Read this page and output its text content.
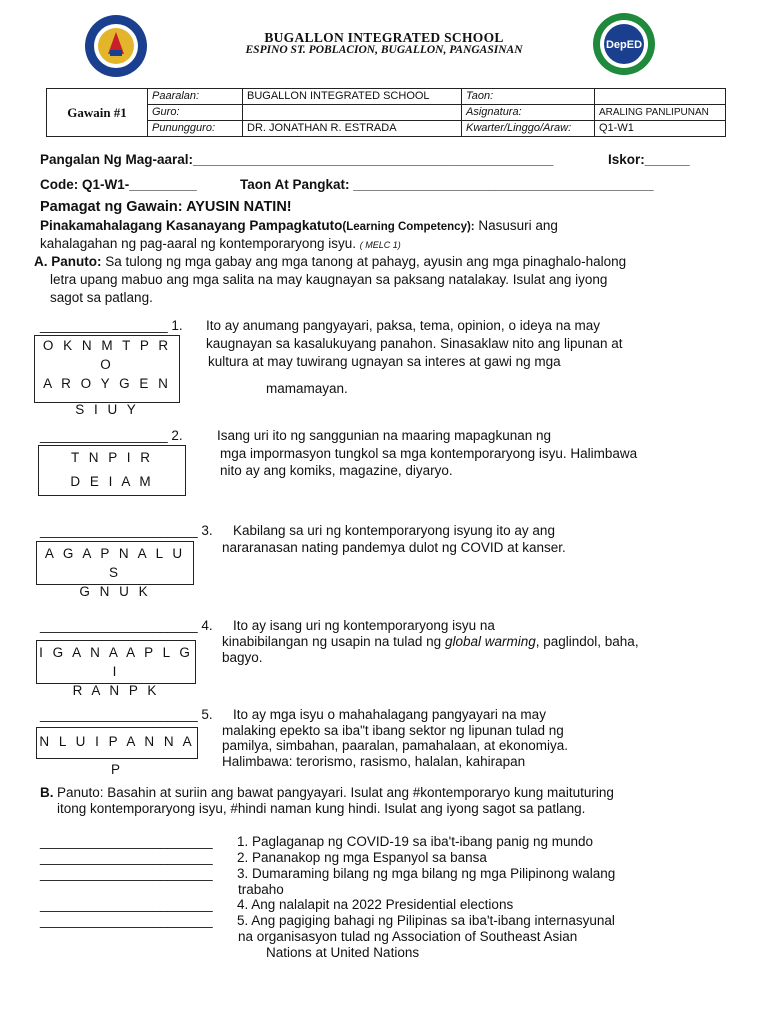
DepED
BUGALLON INTEGRATED SCHOOL
ESPINO ST. POBLACION, BUGALLON, PANGASINAN
Gawain #1	Paaralan:	BUGALLON INTEGRATED SCHOOL	Taon:	
	Guro:		Asignatura:	ARALING PANLIPUNAN
	Punungguro:	DR. JONATHAN R. ESTRADA	Kwarter/Linggo/Araw:	Q1-W1
Pangalan Ng Mag-aaral:________________________________________________	Iskor:______
Code: Q1-W1-_________	Taon At Pangkat: ________________________________________
Pamagat ng Gawain: AYUSIN NATIN!
Pinakamahalagang Kasanayang Pampagkatuto(Learning Competency): Nasusuri ang
kahalagahan ng pag-aaral ng kontemporaryong isyu. ( MELC 1)
A. Panuto: Sa tulong ng mga gabay ang mga tanong at pahayg, ayusin ang mga pinaghalo-halong
letra upang mabuo ang mga salita na may kaugnayan sa paksang natalakay. Isulat ang iyong
sagot sa patlang.
_________________ 1.
O K N M T P R O
A R O Y G E N
S I U Y
Ito ay anumang pangyayari, paksa, tema, opinion, o ideya na may
kaugnayan sa kasalukuyang panahon. Sinasaklaw nito ang lipunan at
kultura at may tuwirang ugnayan sa interes at gawi ng mga
mamamayan.
_________________ 2.
T N P I R
D E I A M
Isang uri ito ng sanggunian na maaring mapagkunan ng
mga impormasyon tungkol sa mga kontemporaryong isyu. Halimbawa
nito ay ang komiks, magazine, diyaryo.
_____________________ 3.
A G A P N A L U S
G N U K
Kabilang sa uri ng kontemporaryong isyung ito ay ang
nararanasan nating pandemya dulot ng COVID at kanser.
_____________________ 4.
I G A N A A P L G I
R A N P K
Ito ay isang uri ng kontemporaryong isyu na
kinabibilangan ng usapin na tulad ng global warming, paglindol, baha,
bagyo.
_____________________ 5.
N L U I P A N N A P
Ito ay mga isyu o mahahalagang pangyayari na may
malaking epekto sa iba"t ibang sektor ng lipunan tulad ng
pamilya, simbahan, paaralan, pamahalaan, at ekonomiya.
Halimbawa: terorismo, rasismo, halalan, kahirapan
B. Panuto: Basahin at suriin ang bawat pangyayari. Isulat ang #kontemporaryo kung maituturing
itong kontemporaryong isyu, #hindi naman kung hindi. Isulat ang iyong sagot sa patlang.
_______________________ 1. Paglaganap ng COVID-19 sa iba't-ibang panig ng mundo
_______________________ 2. Pananakop ng mga Espanyol sa bansa
_______________________ 3. Dumaraming bilang ng mga bilang ng mga Pilipinong walang
trabaho
_______________________ 4. Ang nalalapit na 2022 Presidential elections
_______________________ 5. Ang pagiging bahagi ng Pilipinas sa iba't-ibang internasyunal
na organisasyon tulad ng Association of Southeast Asian
Nations at United Nations
